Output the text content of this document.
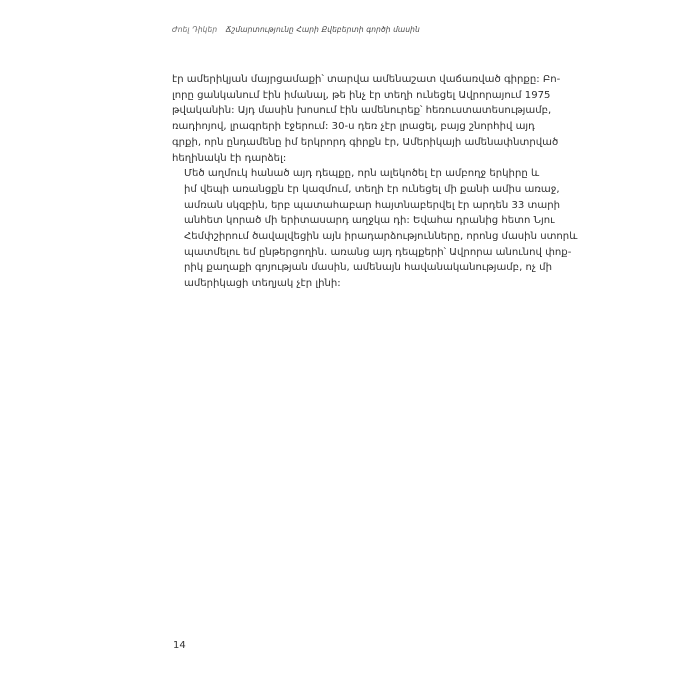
Ժոել Դիկեր Ճշմարտությունը Հարի Քվեբերտի գործի մասին

էր ամերիկյան մայրցամաքի՝ տարվա ամենաշատ վաճառված գիրքը: Բո-
լորը ցանկանում էին իմանալ, թե ինչ էր տեղի ունեցել Ավրորայում 1975
թվականին: Այդ մասին խոսում էին ամենուրեք՝ հեռուստատեսությամբ,
ռադիոյով, լրագրերի էջերում: 30-ս դեռ չէր լրացել, բայց շնորհիվ այդ
գրքի, որն ընդամենը իմ երկրորդ գիրքն էր, Ամերիկայի ամենափնտրված
հեղինակն էի դարձել:

Մեծ աղմուկ հանած այդ դեպքը, որն ալեկոծել էր ամբողջ երկիրը և
իմ վեպի առանցքն էր կազմում, տեղի էր ունեցել մի քանի ամիս առաջ,
ամռան սկզբին, երբ պատահաբար հայտնաբերվել էր արդեն 33 տարի
անհետ կորած մի երիտասարդ աղջկա դի: Եվահա դրանից հետո Նյու
Հեմփշիրում ծավալվեցին այն իրադարձությունները, որոնց մասին ստորև
պատմելու եմ ընթերցողին. առանց այդ դեպքերի՝ Ավրորա անունով փոք-
րիկ քաղաքի գոյության մասին, ամենայն հավանականությամբ, ոչ մի
ամերիկացի տեղյակ չէր լինի:

14
